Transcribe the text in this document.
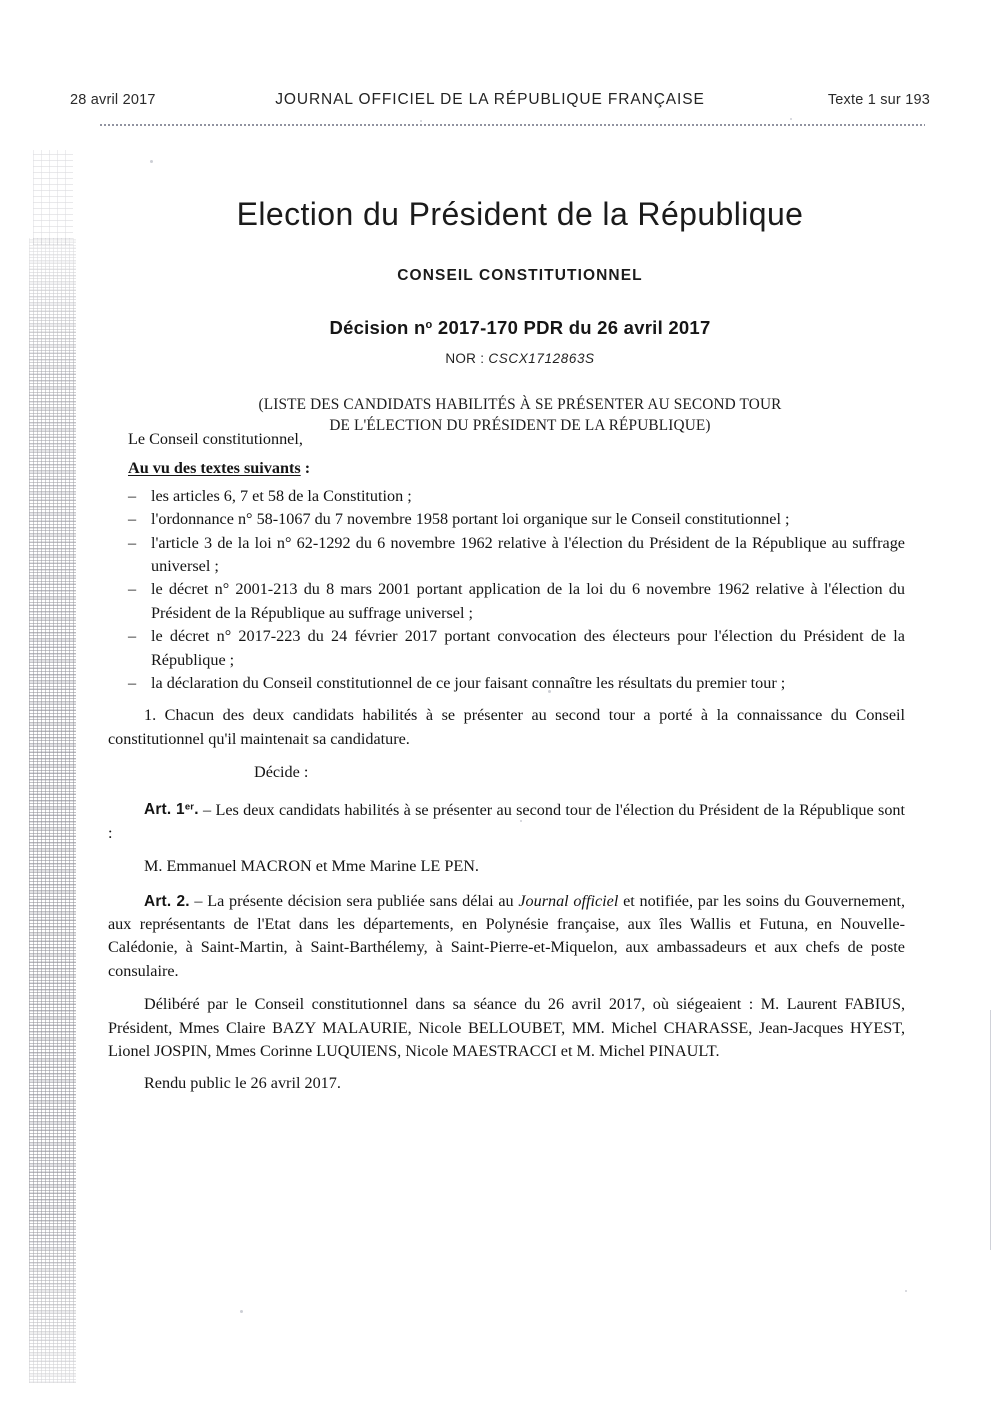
28 avril 2017	JOURNAL OFFICIEL DE LA RÉPUBLIQUE FRANÇAISE	Texte 1 sur 193
Election du Président de la République
CONSEIL CONSTITUTIONNEL
Décision $n^o$ 2017-170 PDR du 26 avril 2017
NOR : CSCX1712863S
(LISTE DES CANDIDATS HABILITÉS À SE PRÉSENTER AU SECOND TOUR
DE L'ÉLECTION DU PRÉSIDENT DE LA RÉPUBLIQUE)

Le Conseil constitutionnel,

Au vu des textes suivants :

– les articles 6, 7 et 58 de la Constitution ;
– l'ordonnance n° 58-1067 du 7 novembre 1958 portant loi organique sur le Conseil constitutionnel ;
– l'article 3 de la loi n° 62-1292 du 6 novembre 1962 relative à l'élection du Président de la République au suffrage universel ;
– le décret n° 2001-213 du 8 mars 2001 portant application de la loi du 6 novembre 1962 relative à l'élection du Président de la République au suffrage universel ;
– le décret n° 2017-223 du 24 février 2017 portant convocation des électeurs pour l'élection du Président de la République ;
– la déclaration du Conseil constitutionnel de ce jour faisant connaître les résultats du premier tour ;

1. Chacun des deux candidats habilités à se présenter au second tour a porté à la connaissance du Conseil constitutionnel qu'il maintenait sa candidature.

Décide :

Art. 1er. – Les deux candidats habilités à se présenter au second tour de l'élection du Président de la République sont :

M. Emmanuel MACRON et Mme Marine LE PEN.

Art. 2. – La présente décision sera publiée sans délai au Journal officiel et notifiée, par les soins du Gouvernement, aux représentants de l'Etat dans les départements, en Polynésie française, aux îles Wallis et Futuna, en Nouvelle-Calédonie, à Saint-Martin, à Saint-Barthélemy, à Saint-Pierre-et-Miquelon, aux ambassadeurs et aux chefs de poste consulaire.

Délibéré par le Conseil constitutionnel dans sa séance du 26 avril 2017, où siégeaient : M. Laurent FABIUS, Président, Mmes Claire BAZY MALAURIE, Nicole BELLOUBET, MM. Michel CHARASSE, Jean-Jacques HYEST, Lionel JOSPIN, Mmes Corinne LUQUIENS, Nicole MAESTRACCI et M. Michel PINAULT.

Rendu public le 26 avril 2017.
